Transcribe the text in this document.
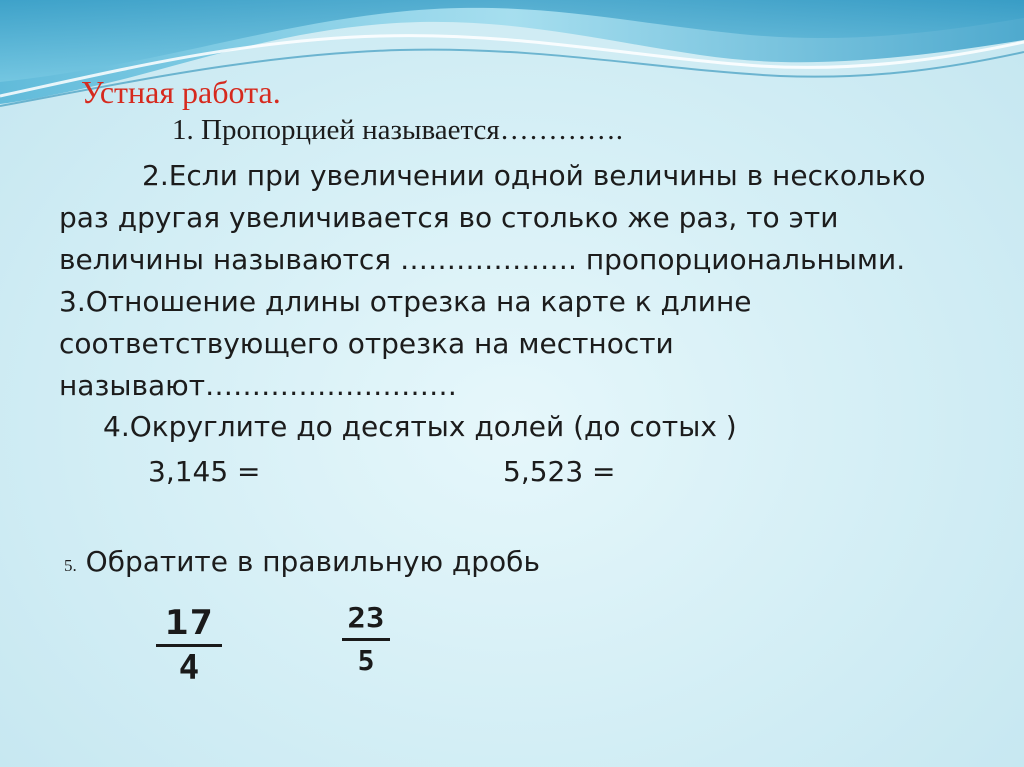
Устная работа.
1. Пропорцией называется………….
2.Если при увеличении одной величины в несколько
раз другая увеличивается во столько же раз, то эти
величины называются ………………. пропорциональными.
3.Отношение длины отрезка на карте к длине
соответствующего отрезка на местности
называют………………………
4.Округлите до десятых долей (до сотых )
3,145 =	5,523 =
5. Обратите в правильную дробь
17
4
23
5
